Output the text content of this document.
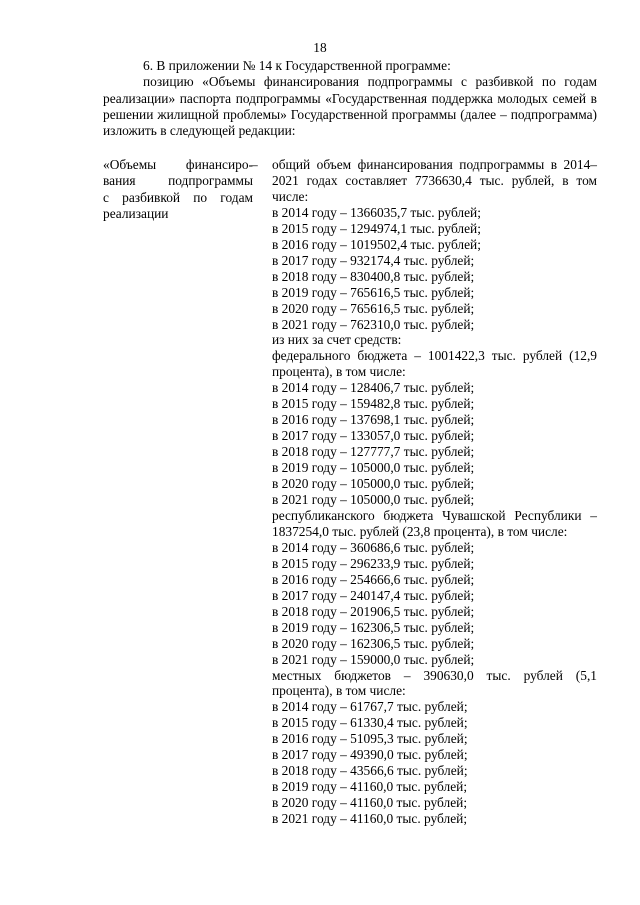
18

6. В приложении № 14 к Государственной программе:

позицию «Объемы финансирования подпрограммы с разбивкой по годам реализации» паспорта подпрограммы «Государственная поддержка молодых семей в решении жилищной проблемы» Государственной программы (далее – подпрограмма) изложить в следующей редакции:

«Объемы финансиро-
вания подпрограммы
с разбивкой по годам
реализации
– общий объем финансирования подпрограммы в 2014–2021 годах составляет 7736630,4 тыс. рублей, в том числе:
в 2014 году – 1366035,7 тыс. рублей;
в 2015 году – 1294974,1 тыс. рублей;
в 2016 году – 1019502,4 тыс. рублей;
в 2017 году – 932174,4 тыс. рублей;
в 2018 году – 830400,8 тыс. рублей;
в 2019 году – 765616,5 тыс. рублей;
в 2020 году – 765616,5 тыс. рублей;
в 2021 году – 762310,0 тыс. рублей;
из них за счет средств:
федерального бюджета – 1001422,3 тыс. рублей (12,9 процента), в том числе:
в 2014 году – 128406,7 тыс. рублей;
в 2015 году – 159482,8 тыс. рублей;
в 2016 году – 137698,1 тыс. рублей;
в 2017 году – 133057,0 тыс. рублей;
в 2018 году – 127777,7 тыс. рублей;
в 2019 году – 105000,0 тыс. рублей;
в 2020 году – 105000,0 тыс. рублей;
в 2021 году – 105000,0 тыс. рублей;
республиканского бюджета Чувашской Республики – 1837254,0 тыс. рублей (23,8 процента), в том числе:
в 2014 году – 360686,6 тыс. рублей;
в 2015 году – 296233,9 тыс. рублей;
в 2016 году – 254666,6 тыс. рублей;
в 2017 году – 240147,4 тыс. рублей;
в 2018 году – 201906,5 тыс. рублей;
в 2019 году – 162306,5 тыс. рублей;
в 2020 году – 162306,5 тыс. рублей;
в 2021 году – 159000,0 тыс. рублей;
местных бюджетов – 390630,0 тыс. рублей (5,1 процента), в том числе:
в 2014 году – 61767,7 тыс. рублей;
в 2015 году – 61330,4 тыс. рублей;
в 2016 году – 51095,3 тыс. рублей;
в 2017 году – 49390,0 тыс. рублей;
в 2018 году – 43566,6 тыс. рублей;
в 2019 году – 41160,0 тыс. рублей;
в 2020 году – 41160,0 тыс. рублей;
в 2021 году – 41160,0 тыс. рублей;
